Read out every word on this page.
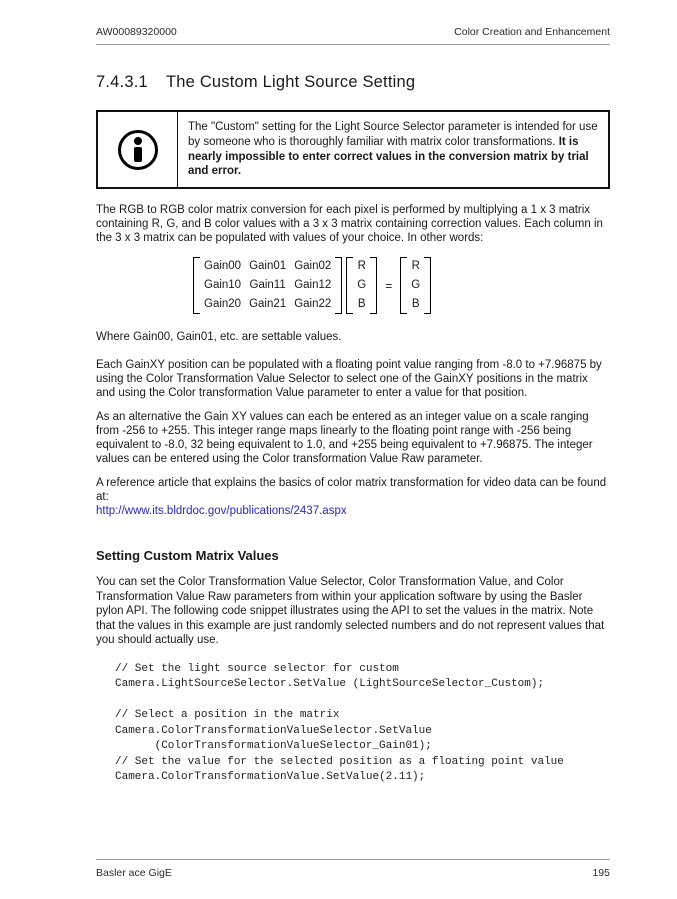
AW00089320000	Color Creation and Enhancement
7.4.3.1	The Custom Light Source Setting
The "Custom" setting for the Light Source Selector parameter is intended for use by someone who is thoroughly familiar with matrix color transformations. It is nearly impossible to enter correct values in the conversion matrix by trial and error.

The RGB to RGB color matrix conversion for each pixel is performed by multiplying a 1 x 3 matrix containing R, G, and B color values with a 3 x 3 matrix containing correction values. Each column in the 3 x 3 matrix can be populated with values of your choice. In other words:

Gain00	Gain01	Gain02
Gain10	Gain11	Gain12
Gain20	Gain21	Gain22
R
G
B
=
R
G
B

Where Gain00, Gain01, etc. are settable values.

Each GainXY position can be populated with a floating point value ranging from -8.0 to +7.96875 by using the Color Transformation Value Selector to select one of the GainXY positions in the matrix and using the Color transformation Value parameter to enter a value for that position.

As an alternative the Gain XY values can each be entered as an integer value on a scale ranging from -256 to +255. This integer range maps linearly to the floating point range with -256 being equivalent to -8.0, 32 being equivalent to 1.0, and +255 being equivalent to +7.96875. The integer values can be entered using the Color transformation Value Raw parameter.

A reference article that explains the basics of color matrix transformation for video data can be found at:

http://www.its.bldrdoc.gov/publications/2437.aspx
Setting Custom Matrix Values

You can set the Color Transformation Value Selector, Color Transformation Value, and Color Transformation Value Raw parameters from within your application software by using the Basler pylon API. The following code snippet illustrates using the API to set the values in the matrix. Note that the values in this example are just randomly selected numbers and do not represent values that you should actually use.

// Set the light source selector for custom
Camera.LightSourceSelector.SetValue (LightSourceSelector_Custom);
// Select a position in the matrix
Camera.ColorTransformationValueSelector.SetValue
(ColorTransformationValueSelector_Gain01);
// Set the value for the selected position as a floating point value
Camera.ColorTransformationValue.SetValue(2.11);
Basler ace GigE	195
